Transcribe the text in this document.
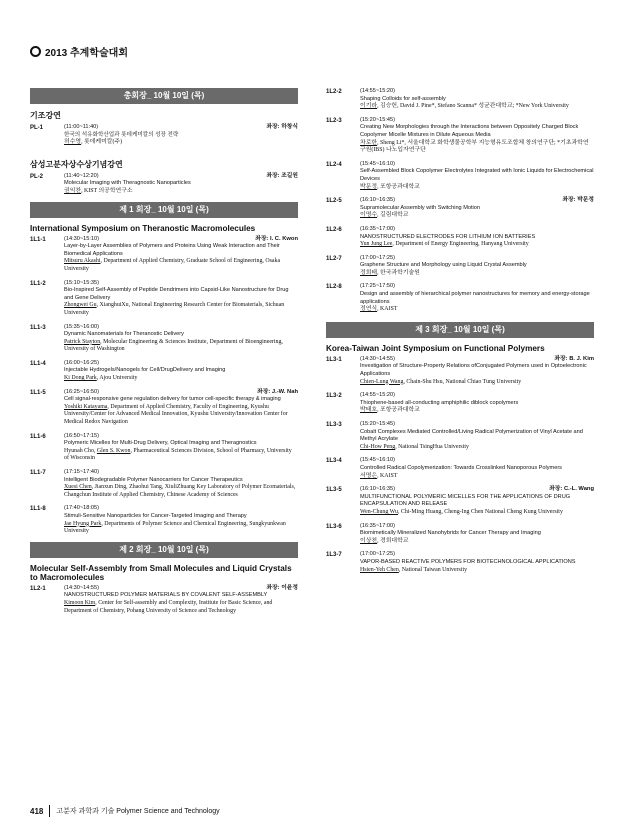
2013 추계학술대회
총회장_ 10월 10일 (목)
기조강연
PL-1	(11:00~11:40)	좌장: 하창식
한국의 석유화학산업과 롯데케미칼의 성장 전략
허수영, 롯데케미칼(주)
삼성고분자상수상기념강연
PL-2	(11:40~12:20)	좌장: 조길원
Molecular Imaging with Theragnostic Nanoparticles
권익찬, KIST 의공학연구소
제 1 회장_ 10월 10일 (목)
International Symposium on Theranostic Macromolecules
1L1-1	(14:30~15:10)	좌장: I. C. Kwon
Layer-by-Layer Assemblies of Polymers and Proteins Using Weak Interaction and Their Biomedical Applications
Mitsuru Akashi, Department of Applied Chemistry, Graduate School of Engineering, Osaka University
1L1-2	(15:10~15:35)
Bio-Inspired Self-Assembly of Peptide Dendrimers into Capsid-Like Nanostructure for Drug and Gene Delivery
Zhongwei Gu, XianghuiXu, National Engineering Research Center for Biomaterials, Sichuan University
1L1-3	(15:35~16:00)
Dynamic Nanomaterials for Theranostic Delivery
Patrick Stayton, Molecular Engineering & Sciences Institute, Department of Bioengineering, University of Washington
1L1-4	(16:00~16:25)
Injectable Hydrogels/Nanogels for Cell/DrugDelivery and Imaging
Ki Dong Park, Ajou University
1L1-5	(16:25~16:50)	좌장: J.-W. Nah
Cell signal-responsive gene regulation delivery for tumor cell-specific therapy & imaging
Yoshiki Katayama, Department of Applied Chemistry, Faculty of Engineering, Kyushu University/Center for Advanced Medical Innovation, Kyushu University/Innovation Center for Medical Redox Navigation
1L1-6	(16:50~17:15)
Polymeric Micelles for Multi-Drug Delivery, Optical Imaging and Theragnostics
Hyunah Cho, Glen S. Kwon, Pharmaceutical Sciences Division, School of Pharmacy, University of Wisconsin
1L1-7	(17:15~17:40)
Intelligent Biodegradable Polymer Nanocarriers for Cancer Therapeutics
Xuesi Chen, Jianxun Ding, Zhaohui Tang, XiuliZhuang Key Laboratory of Polymer Ecomaterials, Changchun Institute of Applied Chemistry, Chinese Academy of Sciences
1L1-8	(17:40~18:05)
Stimuli-Sensitive Nanoparticles for Cancer-Targeted Imaging and Therapy
Jae Hyung Park, Departments of Polymer Science and Chemical Engineering, Sungkyunkwan University
제 2 회장_ 10월 10일 (목)
Molecular Self-Assembly from Small Molecules and Liquid Crystals to Macromolecules
1L2-1	(14:30~14:55)	좌장: 이윤정
NANOSTRUCTURED POLYMER MATERIALS BY COVALENT SELF-ASSEMBLY
Kimoon Kim, Center for Self-assembly and Complexity, Institute for Basic Science, and Department of Chemistry, Pohang University of Science and Technology
1L2-2	(14:55~15:20)
Shaping Colloids for self-assembly
이기라, 김승헌, David J. Pine*, Stefano Scanna* 성균관대학교; *New York University
1L2-3	(15:20~15:45)
Creating New Morphologies through the Interactions between Oppositely Charged Block Copolymer Micelle Mixtures in Dilute Aqueous Media
차로한, Sheng Li*, 서울대학교 화학생물공학부 지능형유도조합체 창의연구단; *기초과학연구원(IBS) 나노입자연구단
1L2-4	(15:45~16:10)
Self-Assembled Block Copolymer Electrolytes Integrated with Ionic Liquids for Electrochemical Devices
박문정, 포항공과대학교
1L2-5	(16:10~16:35)	좌장: 박문정
Supramolecular Assembly with Switching Motion
이명수, 길림대학교
1L2-6	(16:35~17:00)
NANOSTRUCTURED ELECTRODES FOR LITHIUM ION BATTERIES
Yun Jung Lee, Department of Energy Engineering, Hanyang University
1L2-7	(17:00~17:25)
Graphene Structure and Morphology using Liquid Crystal Assembly
정희태, 한국과학기술원
1L2-8	(17:25~17:50)
Design and assembly of hierarchical polymer nanostructures for memory and energy-storage applications
정연식, KAIST
제 3 회장_ 10월 10일 (목)
Korea-Taiwan Joint Symposium on Functional Polymers
1L3-1	(14:30~14:55)	좌장: B. J. Kim
Investigation of Structure-Property Relations ofConjugated Polymers used in Optoelectronic Applications
Chien-Lung Wang, Chain-Shu Hsu, National Chiao Tung University
1L3-2	(14:55~15:20)
Thiophene-based all-conducting amphiphilic diblock copolymers
박태호, 포항공과대학교
1L3-3	(15:20~15:45)
Cobalt Complexes Mediated Controlled/Living Radical Polymerization of Vinyl Acetate and Methyl Acrylate
Chi-How Peng, National TsingHua University
1L3-4	(15:45~16:10)
Controlled Radical Copolymerization: Towards Crosslinked Nanoporous Polymers
서명은, KAIST
1L3-5	(16:10~16:35)	좌장: C.-L. Wang
MULTIFUNCTIONAL POLYMERIC MICELLES FOR THE APPLICATIONS OF DRUG ENCAPSULATION AND RELEASE
Wen-Chung Wu, Chi-Ming Huang, Cheng-Ing Chen National Cheng Kung University
1L3-6	(16:35~17:00)
Biomimetically Mineralized Nanohybrids for Cancer Therapy and Imaging
이상천, 경희대학교
1L3-7	(17:00~17:25)
VAPOR-BASED REACTIVE POLYMERS FOR BIOTECHNOLOGICAL APPLICATIONS
Hsien-Yeh Chen, National Taiwan University
418 고분자 과학과 기술 Polymer Science and Technology
